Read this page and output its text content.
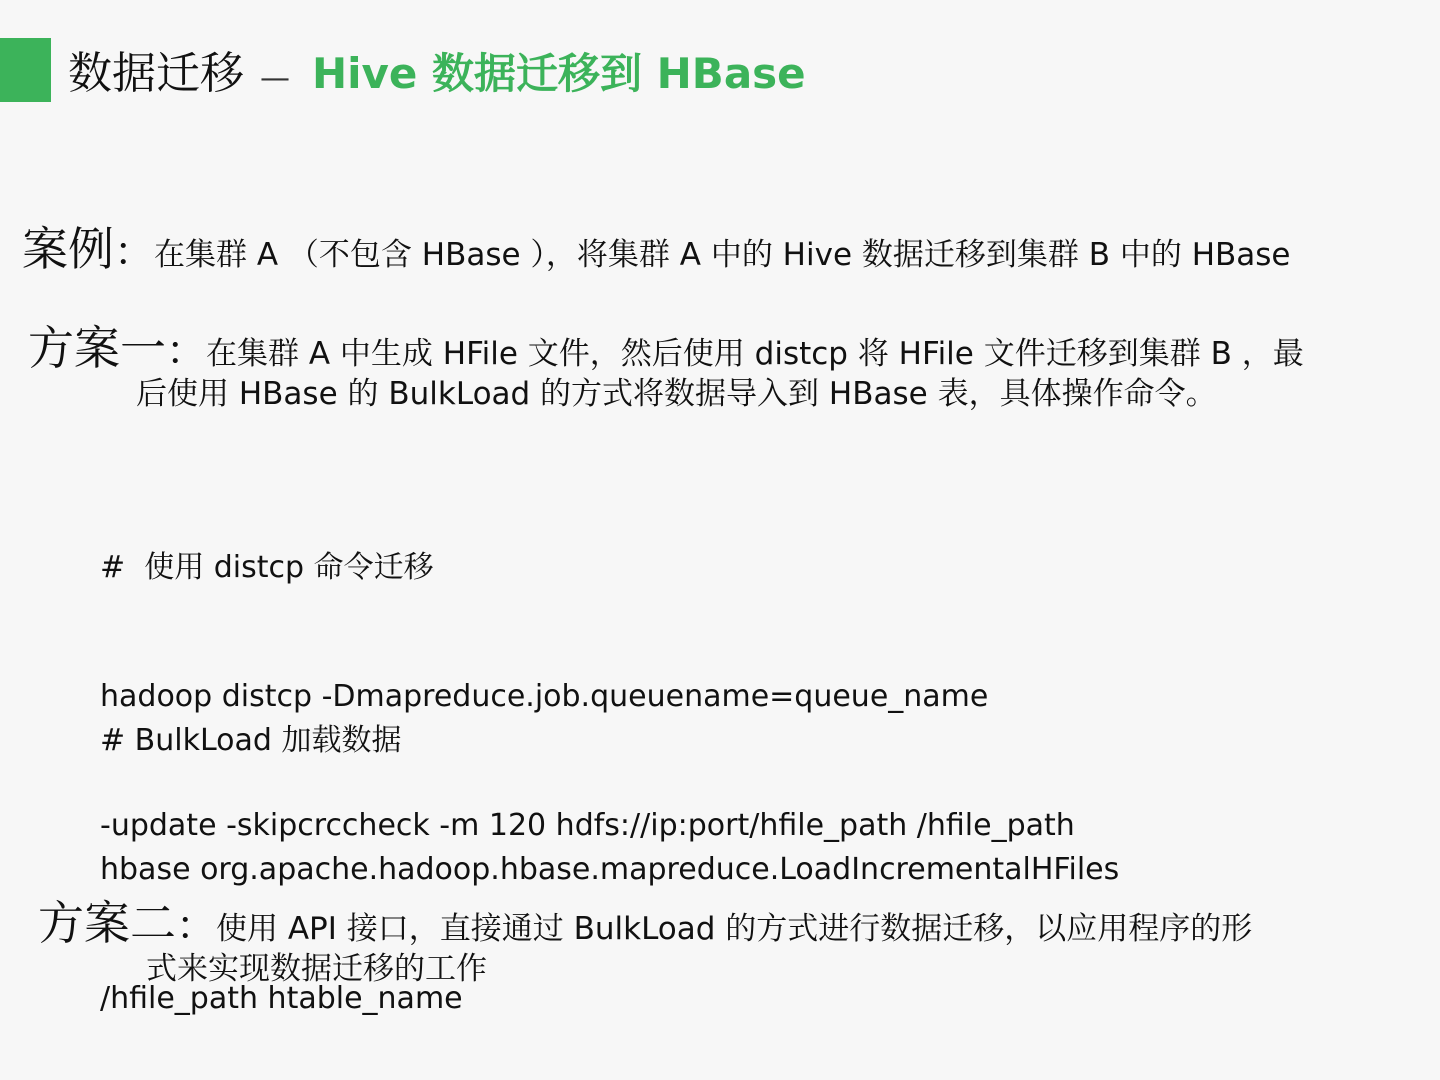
数据迁移 — Hive 数据迁移到 HBase
案例：在集群 A （不包含 HBase ），将集群 A 中的 Hive 数据迁移到集群 B 中的 HBase
方案一：在集群 A 中生成 HFile 文件，然后使用 distcp 将 HFile 文件迁移到集群 B ，最
后使用 HBase 的 BulkLoad 的方式将数据导入到 HBase 表，具体操作命令。

#  使用 distcp 命令迁移

hadoop distcp -Dmapreduce.job.queuename=queue_name

-update -skipcrccheck -m 120 hdfs://ip:port/hfile_path /hfile_path

# BulkLoad 加载数据

hbase org.apache.hadoop.hbase.mapreduce.LoadIncrementalHFiles

/hfile_path htable_name

方案二：使用 API 接口，直接通过 BulkLoad 的方式进行数据迁移，以应用程序的形
式来实现数据迁移的工作
